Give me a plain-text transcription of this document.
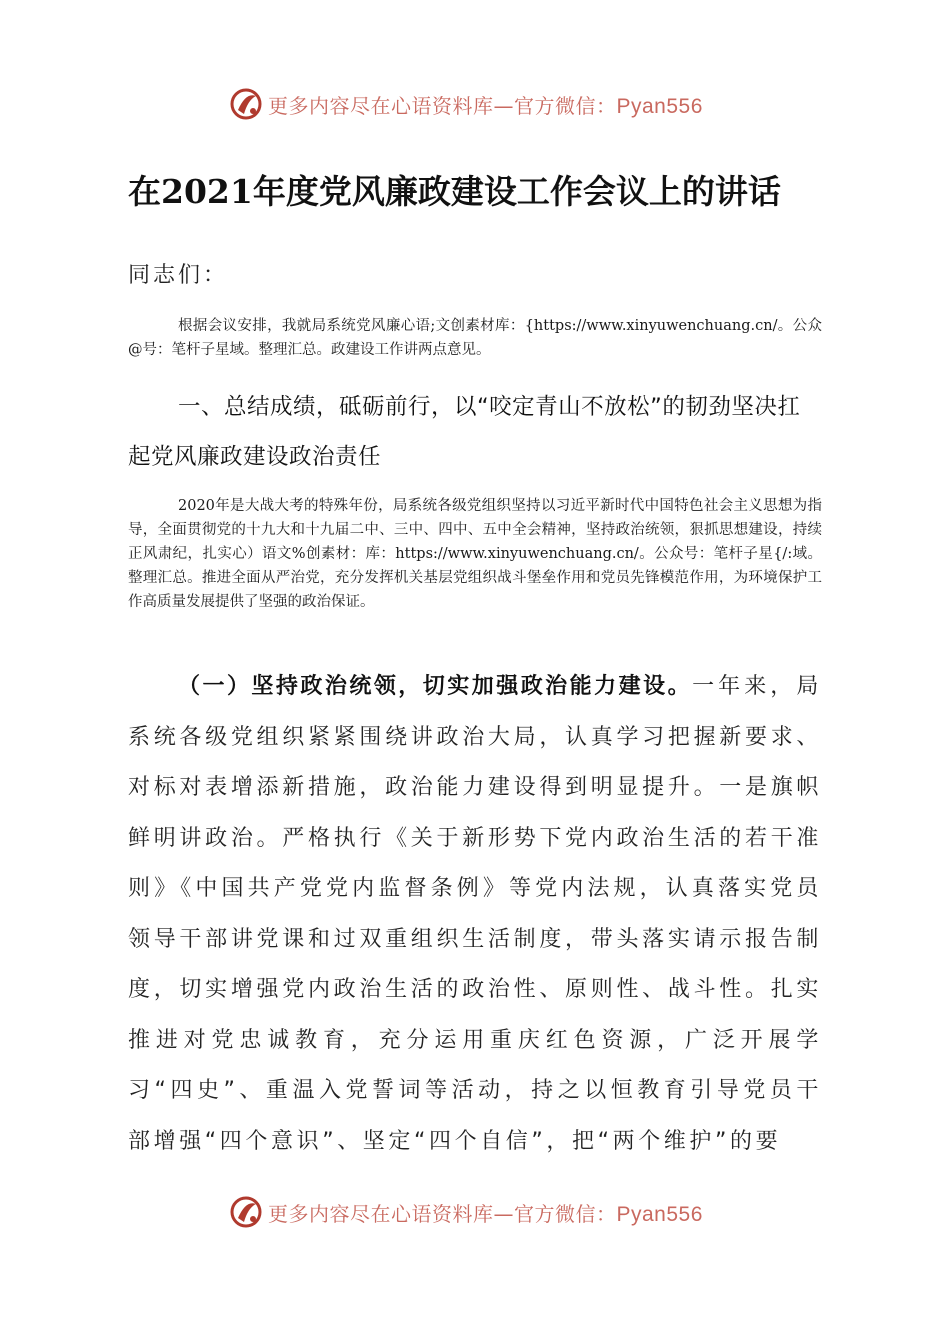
更多内容尽在心语资料库—官方微信：Pyan556
在2021年度党风廉政建设工作会议上的讲话
同志们：
根据会议安排，我就局系统党风廉心语;文创素材库：{https://www.xinyuwenchuang.cn/。公众@号：笔杆子星域。整理汇总。政建设工作讲两点意见。
一、总结成绩，砥砺前行，以“咬定青山不放松”的韧劲坚决扛起党风廉政建设政治责任
2020年是大战大考的特殊年份，局系统各级党组织坚持以习近平新时代中国特色社会主义思想为指导，全面贯彻党的十九大和十九届二中、三中、四中、五中全会精神，坚持政治统领，狠抓思想建设，持续正风肃纪，扎实心）语文%创素材：库：https://www.xinyuwenchuang.cn/。公众号：笔杆子星{/:域。整理汇总。推进全面从严治党，充分发挥机关基层党组织战斗堡垒作用和党员先锋模范作用，为环境保护工作高质量发展提供了坚强的政治保证。
（一）坚持政治统领，切实加强政治能力建设。一年来，局系统各级党组织紧紧围绕讲政治大局，认真学习把握新要求、对标对表增添新措施，政治能力建设得到明显提升。一是旗帜鲜明讲政治。严格执行《关于新形势下党内政治生活的若干准则》《中国共产党党内监督条例》等党内法规，认真落实党员领导干部讲党课和过双重组织生活制度，带头落实请示报告制度，切实增强党内政治生活的政治性、原则性、战斗性。扎实推进对党忠诚教育，充分运用重庆红色资源，广泛开展学习“四史”、重温入党誓词等活动，持之以恒教育引导党员干部增强“四个意识”、坚定“四个自信”，把“两个维护”的要
更多内容尽在心语资料库—官方微信：Pyan556
